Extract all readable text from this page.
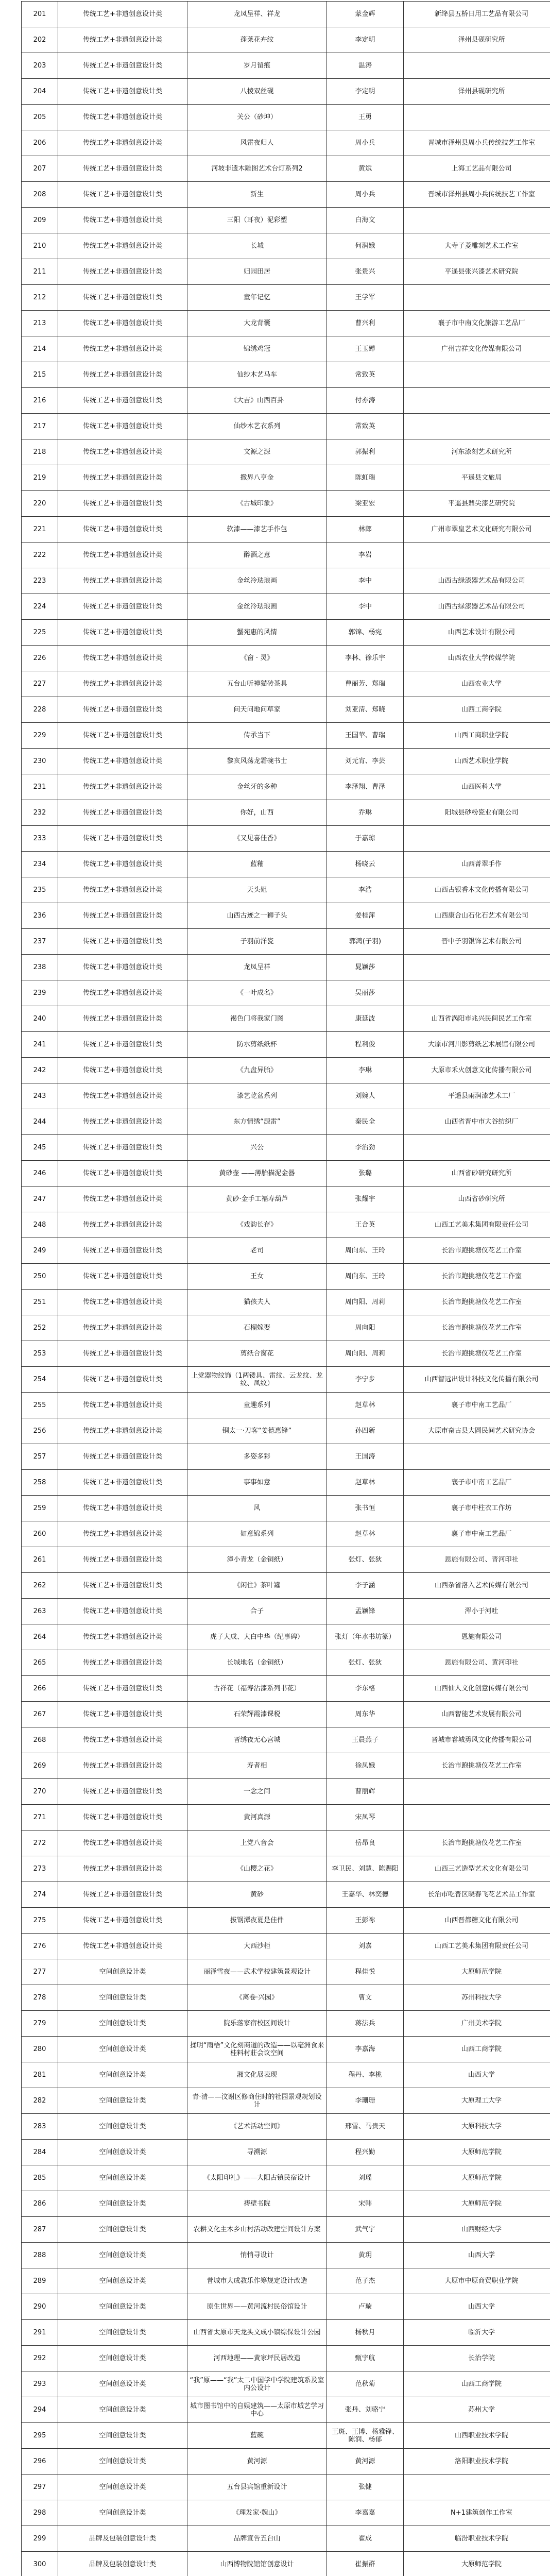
201	传统工艺+非遗创意设计类	龙凤呈祥、祥龙	蒙金辉	新绛县五桥日用工艺品有限公司
202	传统工艺+非遗创意设计类	蓬莱花卉纹	李定明	泽州县砚研究所
203	传统工艺+非遗创意设计类	岁月留痕	温涛	
204	传统工艺+非遗创意设计类	八棱双丝砚	李定明	泽州县砚研究所
205	传统工艺+非遗创意设计类	关公（砂坤）	王勇	
206	传统工艺+非遗创意设计类	风雷夜归人	周小兵	晋城市泽州县周小兵传统技艺工作室
207	传统工艺+非遗创意设计类	河坡非遗木雕图艺术台灯系列2	黄斌	上海工艺品有限公司
208	传统工艺+非遗创意设计类	新生	周小兵	晋城市泽州县周小兵传统技艺工作室
209	传统工艺+非遗创意设计类	三阳（耳夜）泥彩塑	白海文	
210	传统工艺+非遗创意设计类	长城	何润娥	大寺子菱雕刻艺术工作室
211	传统工艺+非遗创意设计类	归园田居	张贵兴	平遥县张兴漆艺术研究院
212	传统工艺+非遗创意设计类	童年记忆	王学军	
213	传统工艺+非遗创意设计类	大龙背囊	曹兴利	襄子市中南文化旅游工艺品厂
214	传统工艺+非遗创意设计类	锦绣鸡冠	王玉婵	广州吉祥文化传媒有限公司
215	传统工艺+非遗创意设计类	仙纱木艺马车	常致英	
216	传统工艺+非遗创意设计类	《大吉》山西百卦	付亦涛	
217	传统工艺+非遗创意设计类	仙纱木艺衣系列	常致英	
218	传统工艺+非遗创意设计类	文源之源	郭振利	河东漆刻艺术研究所
219	传统工艺+非遗创意设计类	撒界八亨金	陈虹瑞	平遥县文旅局
220	传统工艺+非遗创意设计类	《古城印象》	梁亚宏	平遥县鼎尖漆艺研究院
221	传统工艺+非遗创意设计类	软漆——漆艺手作包	林郎	广州市翠皇艺术文化研究有限公司
222	传统工艺+非遗创意设计类	醉酒之意	李岩	
223	传统工艺+非遗创意设计类	金丝冷珐琅画	李中	山西古绿漆器艺术品有限公司
224	传统工艺+非遗创意设计类	金丝冷珐琅画	李中	山西古绿漆器艺术品有限公司
225	传统工艺+非遗创意设计类	蟹苑惠的风情	郭锦、杨宛	山西艺术设计有限公司
226	传统工艺+非遗创意设计类	《窗 · 灵》	李林、徐乐宇	山西农业大学传媒学院
227	传统工艺+非遗创意设计类	五台山听禅猫砖茶具	曹丽芳、郑瑞	山西农业大学
228	传统工艺+非遗创意设计类	问天问地问草家	刘亚清、郑晓	山西工商学院
229	传统工艺+非遗创意设计类	传承当下	王国苹、曹瑞	山西工商职业学院
230	传统工艺+非遗创意设计类	黎亥风荡龙霜碗书士	刘元宵、李芸	山西艺术职业学院
231	传统工艺+非遗创意设计类	金丝牙的多种	李泽翔、曹泽	山西医科大学
232	传统工艺+非遗创意设计类	你好，山西	乔琳	阳城县砂粉瓷业有限公司
233	传统工艺+非遗创意设计类	《又见喜佳香》	于嘉琼	
234	传统工艺+非遗创意设计类	蓝釉	杨晓云	山西菁翠手作
235	传统工艺+非遗创意设计类	天头姐	李浩	山西古银香木文化传播有限公司
236	传统工艺+非遗创意设计类	山西古迹之一狮子头	姜桂萍	山西康合山石化石艺术有限公司
237	传统工艺+非遗创意设计类	子羽前洋瓷	郭鸿(子羽)	晋中子羽银饰艺术有限公司
238	传统工艺+非遗创意设计类	龙凤呈祥	晁颖莎	
239	传统工艺+非遗创意设计类	《一叶成名》	吴丽莎	
240	传统工艺+非遗创意设计类	褐色门将我家门图	康延波	山西省涡阳市兆兴民间民艺工作室
241	传统工艺+非遗创意设计类	防水剪纸纸杯	程利俊	大原市河川影剪纸艺术展馆有限公司
242	传统工艺+非遗创意设计类	《九盘异胎》	李琳	大原市禾火创意文化传播有限公司
243	传统工艺+非遗创意设计类	漆艺乾盆系列	刘婉人	平遥县雨润漆艺术工厂
244	传统工艺+非遗创意设计类	东方情绣“源雷”	秦民全	山西省晋中市大谷纺织厂
245	传统工艺+非遗创意设计类	兴公	李治劲	
246	传统工艺+非遗创意设计类	黄砂壶 ——薄胎描泥金器	张璐	山西省砂研究研究所
247	传统工艺+非遗创意设计类	黄砂·金手工福寿葫芦	张耀宇	山西省砂研究所
248	传统工艺+非遗创意设计类	《戏韵长存》	王合英	山西工艺美术集团有限责任公司
249	传统工艺+非遗创意设计类	老司	周向东、王玲	长治市跑挑塘仪花艺工作室
250	传统工艺+非遗创意设计类	王女	周向东、王玲	长治市跑挑塘仪花艺工作室
251	传统工艺+非遗创意设计类	猫孩夫人	周向阳、周莉	长治市跑挑塘仪花艺工作室
252	传统工艺+非遗创意设计类	石榴嫁娶	周向阳	长治市跑挑塘仪花艺工作室
253	传统工艺+非遗创意设计类	剪纸合窗花	周向阳、周莉	长治市跑挑塘仪花艺工作室
254	传统工艺+非遗创意设计类	上党器物纹饰（1两镂具、雷纹、云龙纹、龙纹、凤纹）	李宁步	山西智远出设计科技文化传播有限公司
255	传统工艺+非遗创意设计类	童趣系列	赵草林	襄子市中南工艺品厂
256	传统工艺+非遗创意设计类	铜太一·刀客“姜德惠锋”	孙四新	大原市奋古县大圆民间艺术研究协会
257	传统工艺+非遗创意设计类	多姿多彩	王国涛	
258	传统工艺+非遗创意设计类	事事如意	赵草林	襄子市中南工艺品厂
259	传统工艺+非遗创意设计类	风	张书恒	襄子市中柱衣工作坊
260	传统工艺+非遗创意设计类	如意锦系列	赵草林	襄子市中南工艺品厂
261	传统工艺+非遗创意设计类	漳小青龙（金铜纸）	张灯、张狄	恩施有限公司、晋河印社
262	传统工艺+非遗创意设计类	《闲住》茶叶罐	李子涵	山西杂省洛入艺术传媒有限公司
263	传统工艺+非遗创意设计类	合子	孟颖锋	浑小于河吐
264	传统工艺+非遗创意设计类	虎子大成、大白中华（纪事碑）	张灯（年水书坊篆）	恩施有限公司
265	传统工艺+非遗创意设计类	长城地名（金铜纸）	张灯、张狄	恩施有限公司、黄河印社
266	传统工艺+非遗创意设计类	古祥花（福寿沾漆系列书花）	李东格	山西仙人文化创意传媒有限公司
267	传统工艺+非遗创意设计类	石荣辉霞漆课税	周东华	山西智能艺术发展有限公司
268	传统工艺+非遗创意设计类	晋绣夜无心宫城	王晨燕子	晋城市睿城勇风文化传播有限公司
269	传统工艺+非遗创意设计类	寿者相	徐凤娥	长治市跑挑塘仪花艺工作室
270	传统工艺+非遗创意设计类	一念之间	曹丽辉	
271	传统工艺+非遗创意设计类	黄河真源	宋凤琴	
272	传统工艺+非遗创意设计类	上党八音会	岳昂良	长治市跑挑塘仪花艺工作室
273	传统工艺+非遗创意设计类	《山樱之花》	李卫民、刘慧、陈赐阳	山西三艺造型艺术文化有限公司
274	传统工艺+非遗创意设计类	黄砂	王嘉华、林奕德	长治市吃晋区晓春飞花艺术品工作室
275	传统工艺+非遗创意设计类	拔钢潭夜夏是佳件	王彭祢	山西晋都糖文化有限公司
276	传统工艺+非遗创意设计类	大西沙柜	刘嘉	山西工艺美术集团有限责任公司
277	空间创意设计类	丽泽雪夜——武术学校建筑景观设计	程佳悦	大原师范学院
278	空间创意设计类	《离卷·兴园》	曹文	苏州科技大学
279	空间创意设计类	院乐落家宿校区间设计	蒋法兵	广州美术学院
280	空间创意设计类	揉明“雨梧”文化刻商道的改造——以亳洲食来桂料村莊会议空间	李嘉海	山西工商学院
281	空间创意设计类	湘文化展表现	程丹、李桃	山西大学
282	空间创意设计类	青·清——汶谢区修商住时的社园景观规划设计	李珊珊	大原理工大学
283	空间创意设计类	《艺术活动空间》	邢雪、马贵天	大原科技大学
284	空间创意设计类	寻溯源	程兴勤	大原师范学院
285	空间创意设计类	《太阳印礼》——大阳古镇民宿设计	刘瑶	大原师范学院
286	空间创意设计类	祷壁书院	宋韩	大原师范学院
287	空间创意设计类	农耕文化主木乡山村活动改建空间设计方案	武气宇	山西财经大学
288	空间创意设计类	悄悄寻设计	黄玥	山西大学
289	空间创意设计类	昔城市大成教乐作筹规定设计改造	范子杰	大原市中原商贸职业学院
290	空间创意设计类	原生世界——黄河流村民俗馆设计	卢璇	山西大学
291	空间创意设计类	山西省太原市天龙头文成小镇综保设计公园	杨秋月	临沂大学
292	空间创意设计类	河西地理——黄家坪民居改造	甄宇航	长治学院
293	空间创意设计类	“我”原——“我”太二中国学中学院建筑系及室内公设计	范秋菊	山西工商学院
294	空间创意设计类	城市图书馆中的自娱建筑——太原市城艺学习中心	张丹、刘骆宁	苏州大学
295	空间创意设计类	蓝碗	王斑、王博、杨雅锋、陈润、杨郁	山西职业技术学院
296	空间创意设计类	黄河源	黄河源	洛阳职业技术学院
297	空间创意设计类	五台县宾馆重新设计	张健	
298	空间创意设计类	《理发家·魏山》	李嘉嘉	N+1建筑创作工作室
299	品牌及包装创意设计类	品牌宣告五台山	翟成	临汾职业技术学院
300	品牌及包装创意设计类	山西博物院馆馆创意设计	崔振群	大原师范学院
